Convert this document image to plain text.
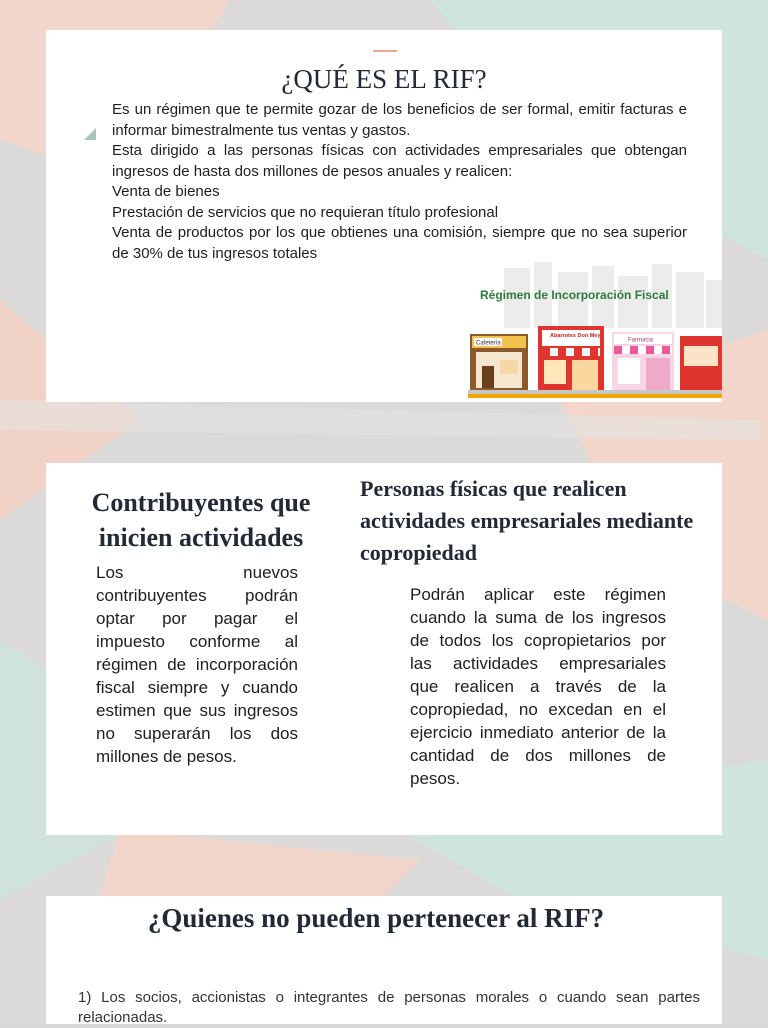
¿QUÉ ES EL RIF?

Es un régimen que te permite gozar de los beneficios de ser formal, emitir facturas e informar bimestralmente tus ventas y gastos.

Esta dirigido a las personas físicas con actividades empresariales que obtengan ingresos de hasta dos millones de pesos anuales y realicen:

Venta de bienes

Prestación de servicios que no requieran título profesional

Venta de productos por los que obtienes una comisión, siempre que no sea superior de 30% de tus ingresos totales

Cafetería
Abarrotes Don Mey
Farmacia
Régimen de Incorporación Fiscal
Contribuyentes que inicien actividades
Personas físicas que realicen actividades empresariales mediante copropiedad
Los nuevos contribuyentes podrán optar por pagar el impuesto conforme al régimen de incorporación fiscal siempre y cuando estimen que sus ingresos no superarán los dos millones de pesos.
Podrán aplicar este régimen cuando la suma de los ingresos de todos los copropietarios por las actividades empresariales que realicen a través de la copropiedad, no excedan en el ejercicio inmediato anterior de la cantidad de dos millones de pesos.
¿Quienes no pueden pertenecer al RIF?
1) Los socios, accionistas o integrantes de personas morales o cuando sean partes relacionadas.
